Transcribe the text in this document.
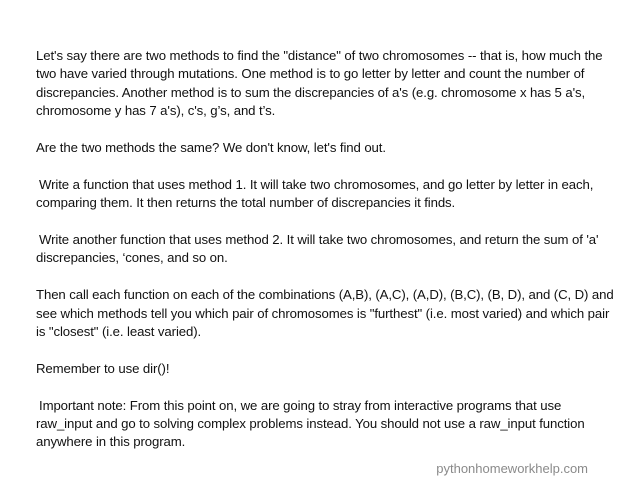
Let's say there are two methods to find the "distance" of two chromosomes -- that is, how much the two have varied through mutations. One method is to go letter by letter and count the number of discrepancies. Another method is to sum the discrepancies of a's (e.g. chromosome x has 5 a's, chromosome y has 7 a's), c's, g’s, and t’s.

Are the two methods the same? We don't know, let's find out.

Write a function that uses method 1. It will take two chromosomes, and go letter by letter in each, comparing them. It then returns the total number of discrepancies it finds.

Write another function that uses method 2. It will take two chromosomes, and return the sum of 'a' discrepancies, ‘cones, and so on.

Then call each function on each of the combinations (A,B), (A,C), (A,D), (B,C), (B, D), and (C, D) and see which methods tell you which pair of chromosomes is "furthest" (i.e. most varied) and which pair is "closest" (i.e. least varied).

Remember to use dir()!

Important note: From this point on, we are going to stray from interactive programs that use raw_input and go to solving complex problems instead. You should not use a raw_input function anywhere in this program.

pythonhomeworkhelp.com
